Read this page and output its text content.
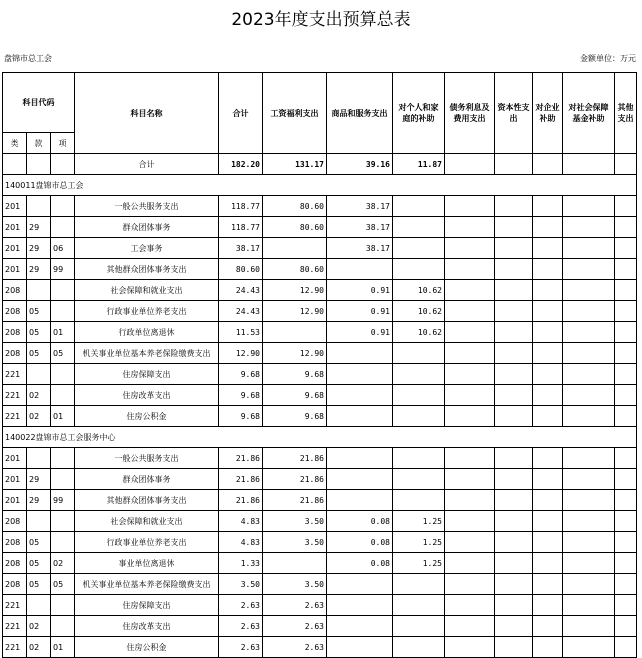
2023年度支出预算总表
盘锦市总工会	金额单位：万元
科目代码			科目名称	合计	工资福利支出	商品和服务支出	对个人和家庭的补助	债务利息及费用支出	资本性支出	对企业补助	对社会保障基金补助	其他支出
类	款	项										
			合计	182.20	131.17	39.16	11.87					
140011盘锦市总工会												
201			一般公共服务支出	118.77	80.60	38.17						
201	29		群众团体事务	118.77	80.60	38.17						
201	29	06	工会事务	38.17		38.17						
201	29	99	其他群众团体事务支出	80.60	80.60							
208			社会保障和就业支出	24.43	12.90	0.91	10.62					
208	05		行政事业单位养老支出	24.43	12.90	0.91	10.62					
208	05	01	行政单位离退休	11.53		0.91	10.62					
208	05	05	机关事业单位基本养老保险缴费支出	12.90	12.90							
221			住房保障支出	9.68	9.68							
221	02		住房改革支出	9.68	9.68							
221	02	01	住房公积金	9.68	9.68							
140022盘锦市总工会服务中心												
201			一般公共服务支出	21.86	21.86							
201	29		群众团体事务	21.86	21.86							
201	29	99	其他群众团体事务支出	21.86	21.86							
208			社会保障和就业支出	4.83	3.50	0.08	1.25					
208	05		行政事业单位养老支出	4.83	3.50	0.08	1.25					
208	05	02	事业单位离退休	1.33		0.08	1.25					
208	05	05	机关事业单位基本养老保险缴费支出	3.50	3.50							
221			住房保障支出	2.63	2.63							
221	02		住房改革支出	2.63	2.63							
221	02	01	住房公积金	2.63	2.63							
